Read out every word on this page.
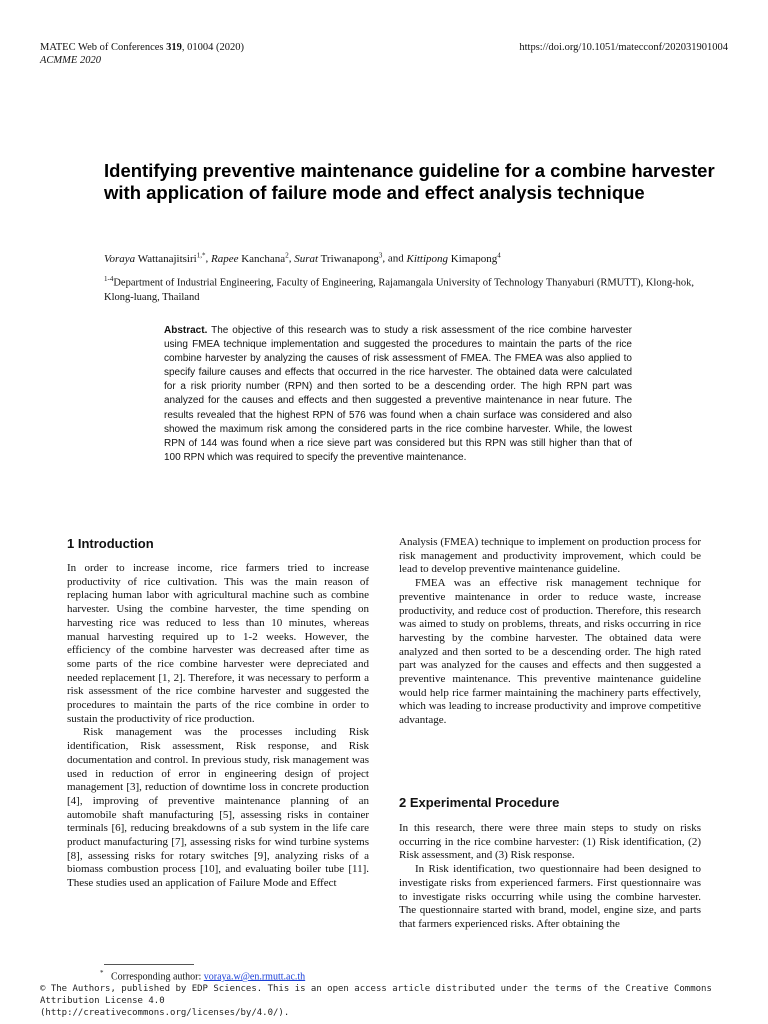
MATEC Web of Conferences 319, 01004 (2020)
ACMME 2020
https://doi.org/10.1051/matecconf/202031901004
Identifying preventive maintenance guideline for a combine harvester with application of failure mode and effect analysis technique
Voraya Wattanajitsiri$^{1,*}$, Rapee Kanchana$^2$, Surat Triwanapong$^3$, and Kittipong Kimapong$^4$
$^{1-4}$Department of Industrial Engineering, Faculty of Engineering, Rajamangala University of Technology Thanyaburi (RMUTT), Klong-hok, Klong-luang, Thailand
Abstract. The objective of this research was to study a risk assessment of the rice combine harvester using FMEA technique implementation and suggested the procedures to maintain the parts of the rice combine harvester by analyzing the causes of risk assessment of FMEA. The FMEA was also applied to specify failure causes and effects that occurred in the rice harvester. The obtained data were calculated for a risk priority number (RPN) and then sorted to be a descending order. The high RPN part was analyzed for the causes and effects and then suggested a preventive maintenance in near future. The results revealed that the highest RPN of 576 was found when a chain surface was considered and also showed the maximum risk among the considered parts in the rice combine harvester. While, the lowest RPN of 144 was found when a rice sieve part was considered but this RPN was still higher than that of 100 RPN which was required to specify the preventive maintenance.
1 Introduction

In order to increase income, rice farmers tried to increase productivity of rice cultivation. This was the main reason of replacing human labor with agricultural machine such as combine harvester. Using the combine harvester, the time spending on harvesting rice was reduced to less than 10 minutes, whereas manual harvesting required up to 1-2 weeks. However, the efficiency of the combine harvester was decreased after time as some parts of the rice combine harvester were depreciated and needed replacement [1, 2]. Therefore, it was necessary to perform a risk assessment of the rice combine harvester and suggested the procedures to maintain the parts of the rice combine in order to sustain the productivity of rice production.

Risk management was the processes including Risk identification, Risk assessment, Risk response, and Risk documentation and control. In previous study, risk management was used in reduction of error in engineering design of project management [3], reduction of downtime loss in concrete production [4], improving of preventive maintenance planning of an automobile shaft manufacturing [5], assessing risks in container terminals [6], reducing breakdowns of a sub system in the life care product manufacturing [7], assessing risks for wind turbine systems [8], assessing risks for rotary switches [9], analyzing risks of a biomass combustion process [10], and evaluating boiler tube [11]. These studies used an application of Failure Mode and Effect

Analysis (FMEA) technique to implement on production process for risk management and productivity improvement, which could be lead to develop preventive maintenance guideline.

FMEA was an effective risk management technique for preventive maintenance in order to reduce waste, increase productivity, and reduce cost of production. Therefore, this research was aimed to study on problems, threats, and risks occurring in rice harvesting by the combine harvester. The obtained data were analyzed and then sorted to be a descending order. The high rated part was analyzed for the causes and effects and then suggested a preventive maintenance. This preventive maintenance guideline would help rice farmer maintaining the machinery parts effectively, which was leading to increase productivity and improve competitive advantage.

2 Experimental Procedure

In this research, there were three main steps to study on risks occurring in the rice combine harvester: (1) Risk identification, (2) Risk assessment, and (3) Risk response.

In Risk identification, two questionnaire had been designed to investigate risks from experienced farmers. First questionnaire was to investigate risks occurring while using the combine harvester. The questionnaire started with brand, model, engine size, and parts that farmers experienced risks. After obtaining the

* Corresponding author: voraya.w@en.rmutt.ac.th
© The Authors, published by EDP Sciences. This is an open access article distributed under the terms of the Creative Commons Attribution License 4.0
(http://creativecommons.org/licenses/by/4.0/).
